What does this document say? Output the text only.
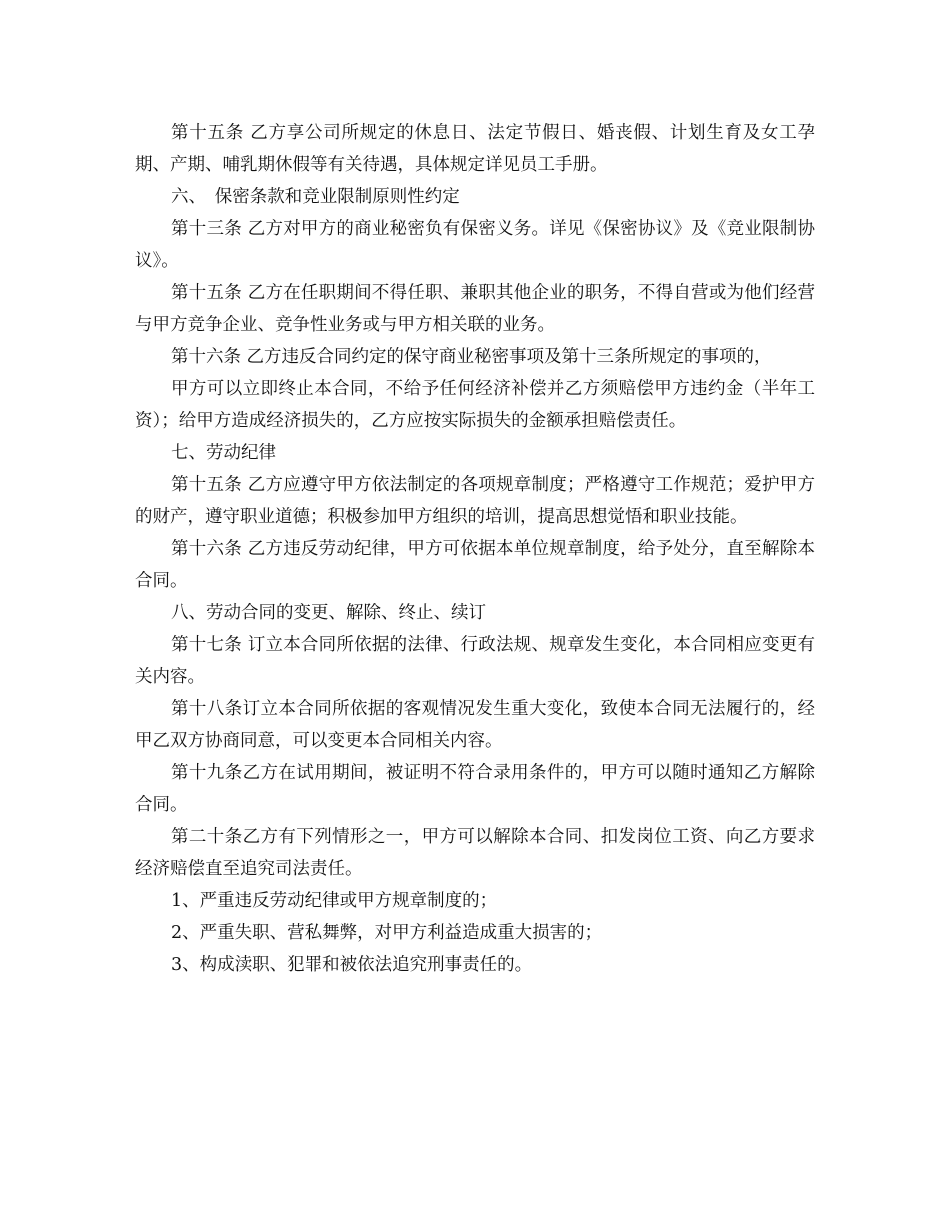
第十五条 乙方享公司所规定的休息日、法定节假日、婚丧假、计划生育及女工孕期、产期、哺乳期休假等有关待遇，具体规定详见员工手册。

六、　保密条款和竞业限制原则性约定

第十三条 乙方对甲方的商业秘密负有保密义务。详见《保密协议》及《竞业限制协议》。

第十五条 乙方在任职期间不得任职、兼职其他企业的职务，不得自营或为他们经营与甲方竞争企业、竞争性业务或与甲方相关联的业务。

第十六条 乙方违反合同约定的保守商业秘密事项及第十三条所规定的事项的，

甲方可以立即终止本合同，不给予任何经济补偿并乙方须赔偿甲方违约金（半年工资）；给甲方造成经济损失的，乙方应按实际损失的金额承担赔偿责任。

七、劳动纪律

第十五条 乙方应遵守甲方依法制定的各项规章制度；严格遵守工作规范；爱护甲方的财产，遵守职业道德；积极参加甲方组织的培训，提高思想觉悟和职业技能。

第十六条 乙方违反劳动纪律，甲方可依据本单位规章制度，给予处分，直至解除本合同。

八、劳动合同的变更、解除、终止、续订

第十七条 订立本合同所依据的法律、行政法规、规章发生变化，本合同相应变更有关内容。

第十八条订立本合同所依据的客观情况发生重大变化，致使本合同无法履行的，经甲乙双方协商同意，可以变更本合同相关内容。

第十九条乙方在试用期间，被证明不符合录用条件的，甲方可以随时通知乙方解除合同。

第二十条乙方有下列情形之一，甲方可以解除本合同、扣发岗位工资、向乙方要求经济赔偿直至追究司法责任。

1、严重违反劳动纪律或甲方规章制度的；

2、严重失职、营私舞弊，对甲方利益造成重大损害的；

3、构成渎职、犯罪和被依法追究刑事责任的。
